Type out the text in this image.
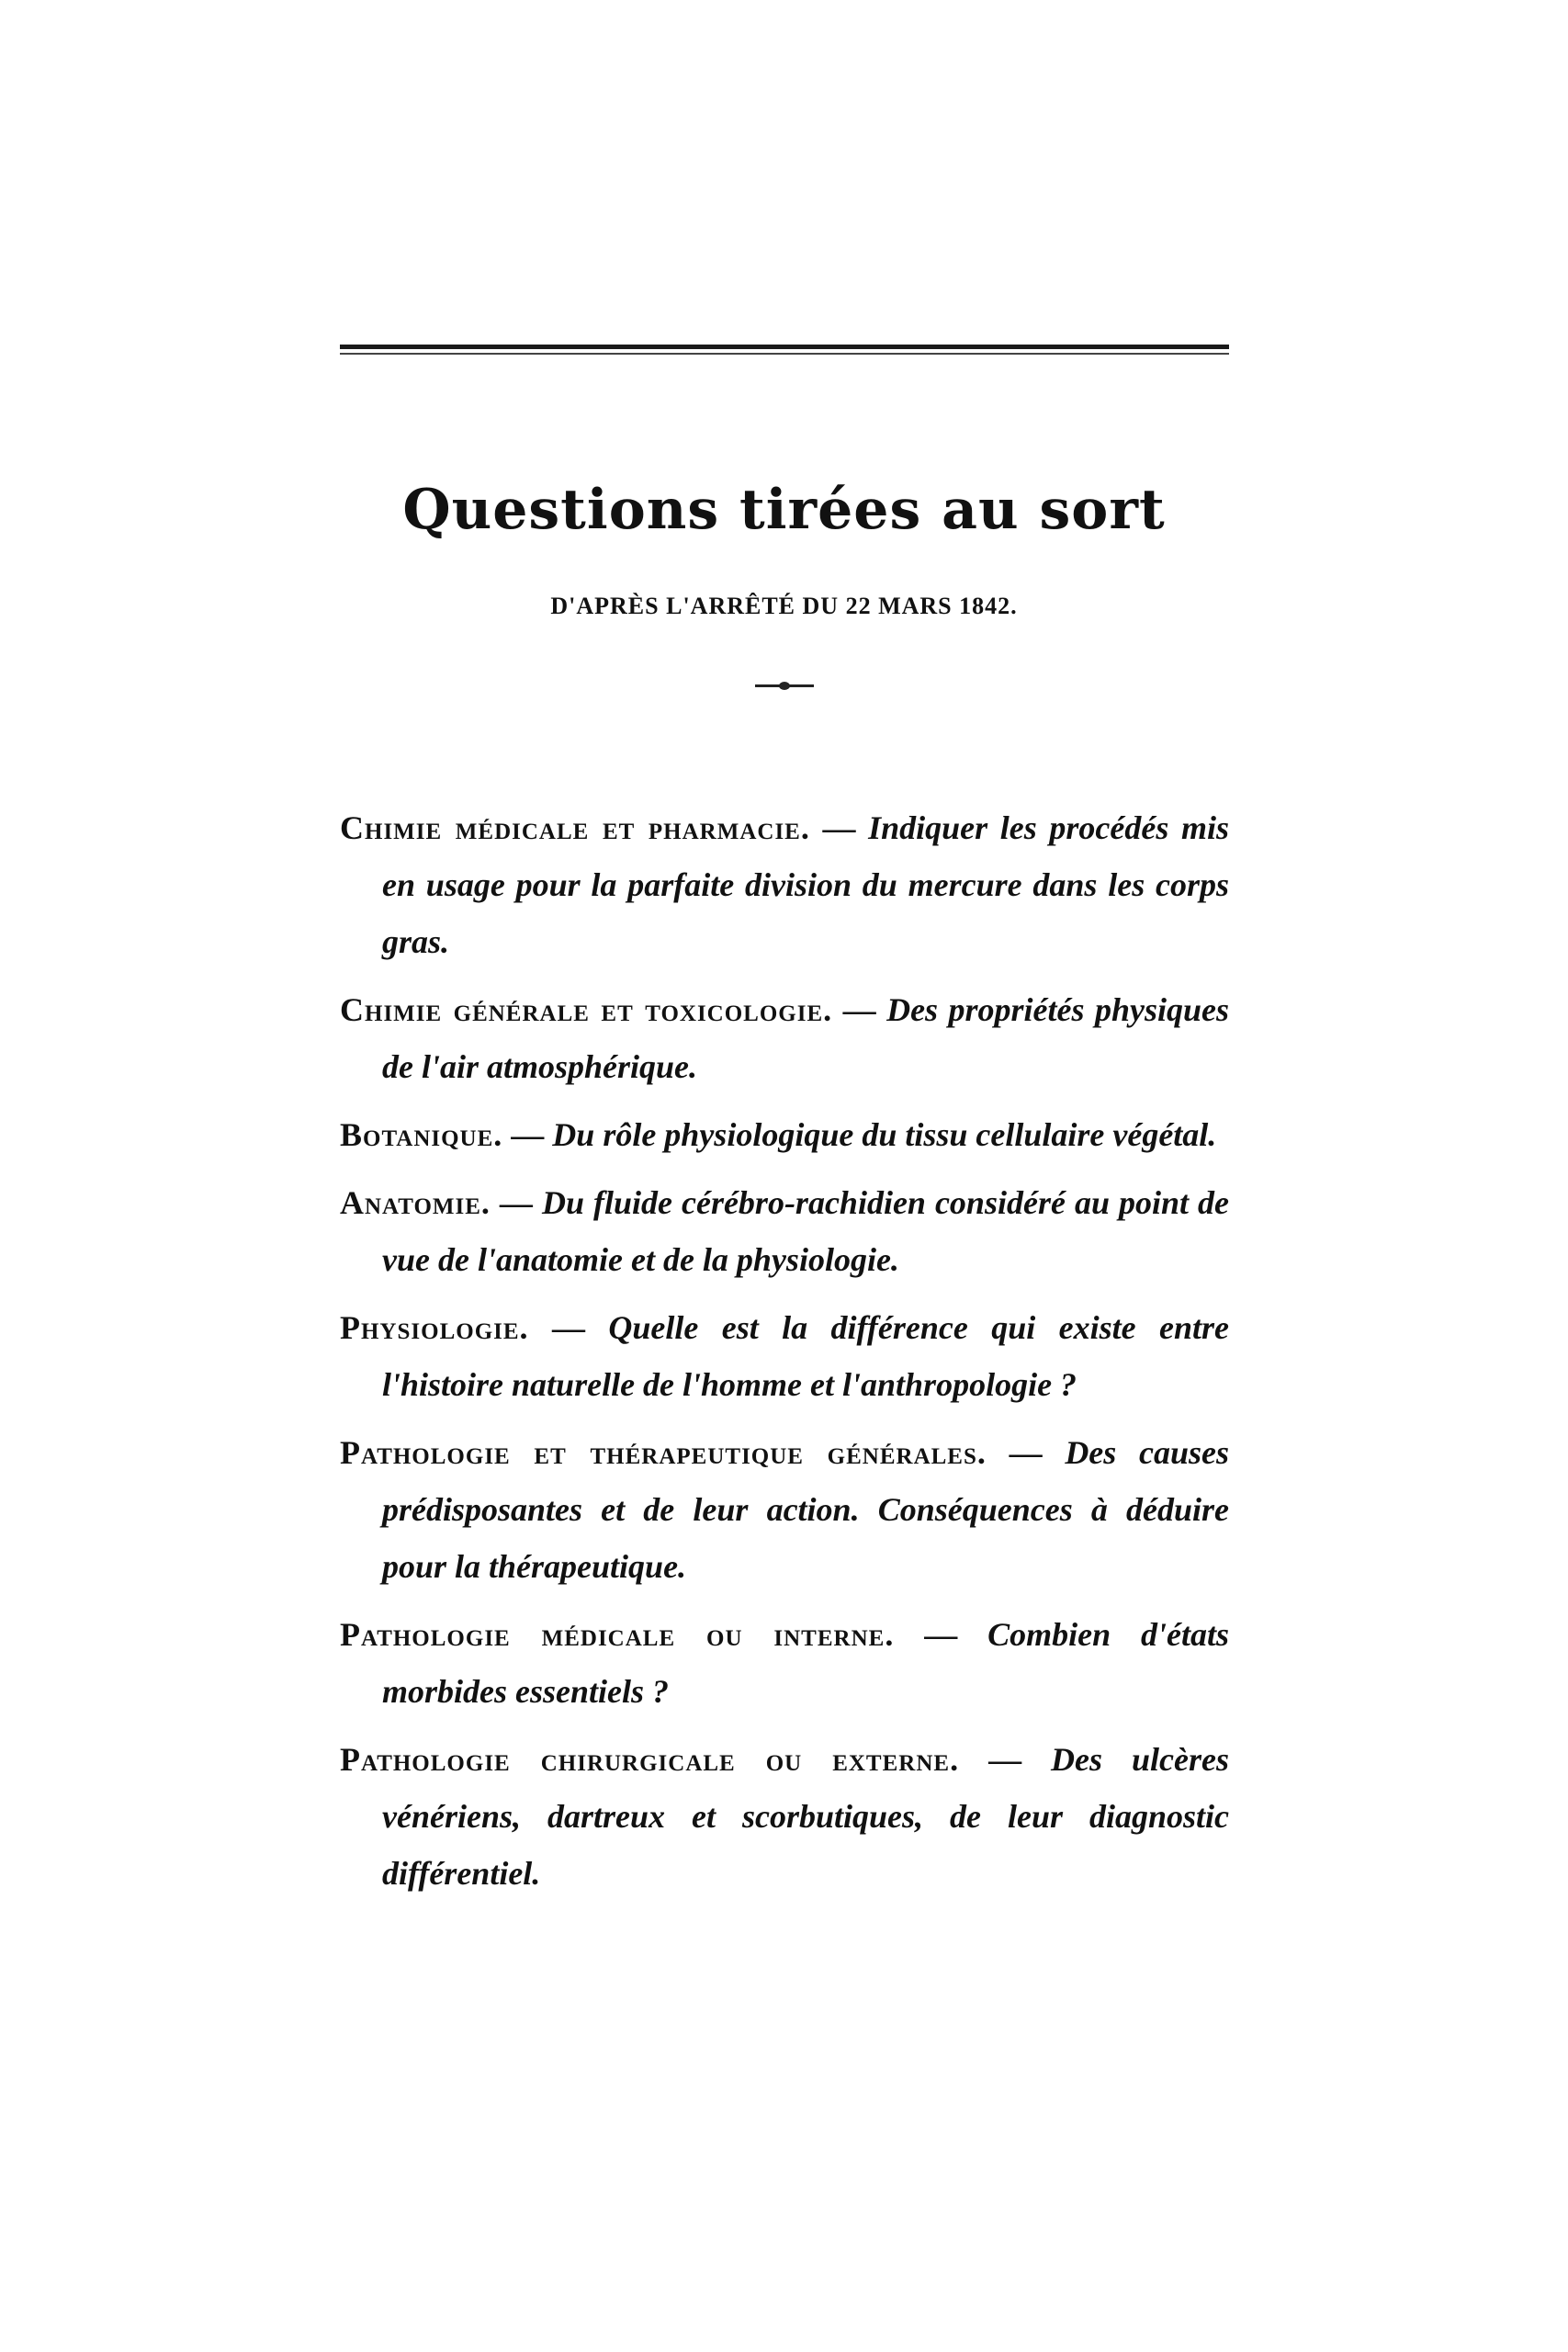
Questions tirées au sort
D'APRÈS L'ARRÊTÉ DU 22 MARS 1842.

Chimie médicale et pharmacie. — Indiquer les procédés mis en usage pour la parfaite division du mercure dans les corps gras.

Chimie générale et toxicologie. — Des propriétés physiques de l'air atmosphérique.

Botanique. — Du rôle physiologique du tissu cellulaire végétal.

Anatomie. — Du fluide cérébro-rachidien considéré au point de vue de l'anatomie et de la physiologie.

Physiologie. — Quelle est la différence qui existe entre l'histoire naturelle de l'homme et l'anthropologie ?

Pathologie et thérapeutique générales. — Des causes prédisposantes et de leur action. Conséquences à déduire pour la thérapeutique.

Pathologie médicale ou interne. — Combien d'états morbides essentiels ?

Pathologie chirurgicale ou externe. — Des ulcères vénériens, dartreux et scorbutiques, de leur diagnostic différentiel.
